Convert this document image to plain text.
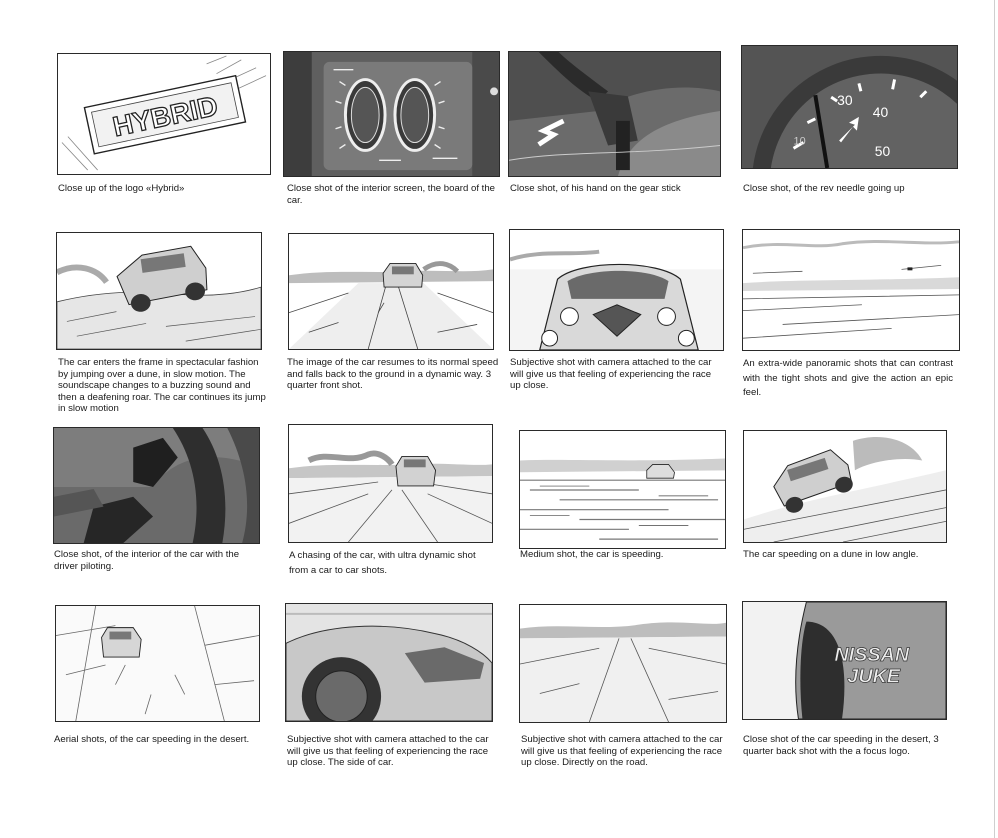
HYBRID	30
40
50
10

Close up of the logo «Hybrid»	Close shot of the interior screen, the board of the car.

Close shot, of his hand on the gear stick	Close shot, of the rev needle going up

The car enters the frame in spectacular fashion by jumping over a dune, in slow motion. The soundscape changes to a buzzing sound and then a deafening roar. The car continues its jump in slow motion

The image of the car resumes to its normal speed and falls back to the ground in a dynamic way. 3 quarter front shot.

Subjective shot with camera attached to the car will give us that feeling of experiencing the race up close.

An extra-wide panoramic shots that can contrast with the tight shots and give the action an epic feel.

Close shot, of the interior of the car with the driver piloting.

A chasing of the car, with ultra dynamic shot from a car to car shots.

Medium shot, the car is speeding.	The car speeding on a dune in low angle.

NISSAN
JUKE

Aerial shots, of the car speeding in the desert.	Subjective shot with camera attached to the car will give us that feeling of experiencing the race up close. The side of car.

Subjective shot with camera attached to the car will give us that feeling of experiencing the race up close. Directly on the road.

Close shot of the car speeding in the desert, 3 quarter back shot with the a focus logo.
